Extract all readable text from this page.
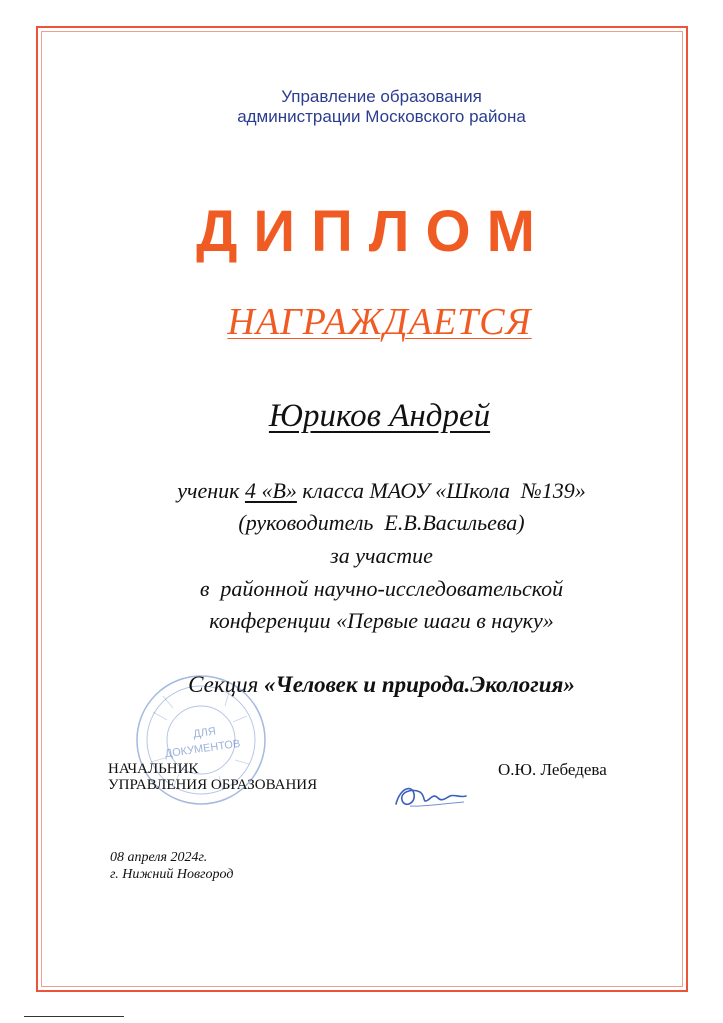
Управление образования
администрации Московского района
ДИПЛОМ
НАГРАЖДАЕТСЯ
Юриков Андрей
ученик 4 «В» класса МАОУ «Школа  №139»
(руководитель  Е.В.Васильева)
за участие
в  районной научно-исследовательской
конференции «Первые шаги в науку»
ДЛЯ
ДОКУМЕНТОВ
Секция «Человек и природа.Экология»
НАЧАЛЬНИК
УПРАВЛЕНИЯ ОБРАЗОВАНИЯ
О.Ю. Лебедева
08 апреля 2024г.
г. Нижний Новгород
